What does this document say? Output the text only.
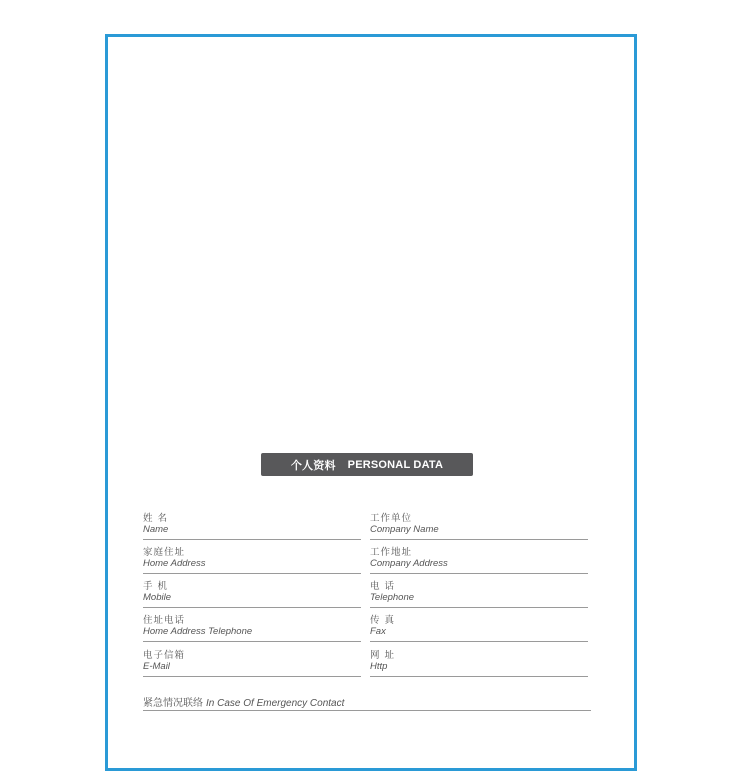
个人资料 PERSONAL DATA
姓 名
Name
工作单位
Company Name
家庭住址
Home Address
工作地址
Company Address
手 机
Mobile
电 话
Telephone
住址电话
Home Address Telephone
传 真
Fax
电子信箱
E-Mail
网 址
Http
紧急情况联络 In Case Of Emergency Contact
